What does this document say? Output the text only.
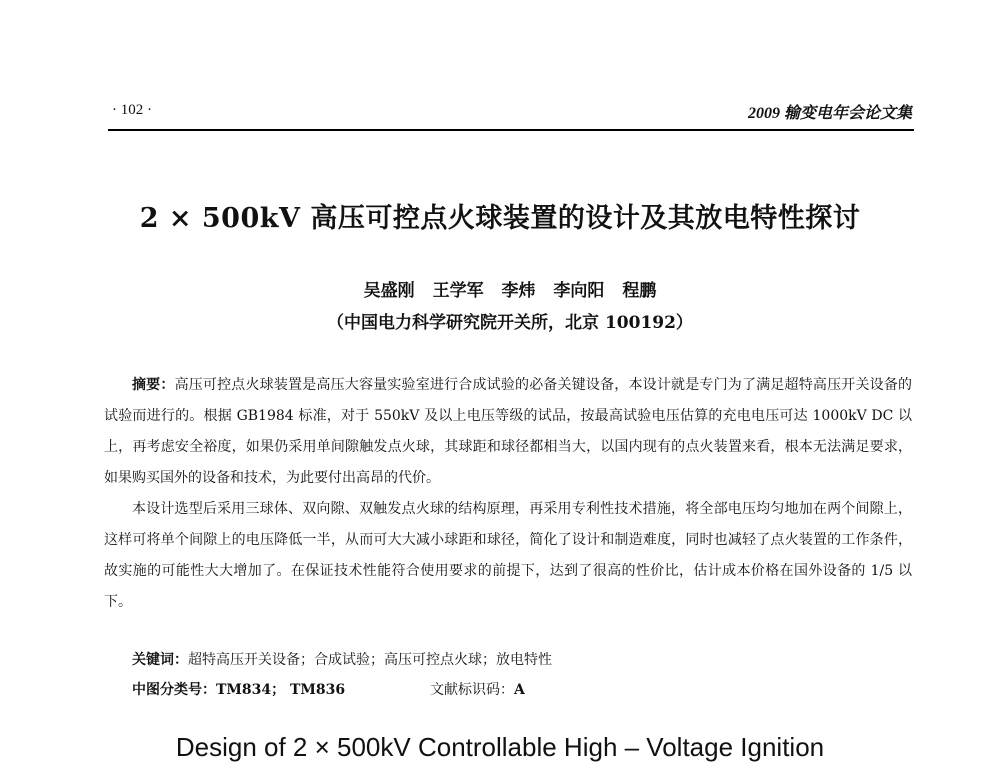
· 102 ·	2009 输变电年会论文集
2 × 500kV 高压可控点火球装置的设计及其放电特性探讨
吴盛刚 王学军 李炜 李向阳 程鹏
（中国电力科学研究院开关所，北京 100192）

摘要：高压可控点火球装置是高压大容量实验室进行合成试验的必备关键设备，本设计就是专门为了满足超特高压开关设备的试验而进行的。根据 GB1984 标准，对于 550kV 及以上电压等级的试品，按最高试验电压估算的充电电压可达 1000kV DC 以上，再考虑安全裕度，如果仍采用单间隙触发点火球，其球距和球径都相当大，以国内现有的点火装置来看，根本无法满足要求，如果购买国外的设备和技术，为此要付出高昂的代价。

本设计选型后采用三球体、双向隙、双触发点火球的结构原理，再采用专利性技术措施，将全部电压均匀地加在两个间隙上，这样可将单个间隙上的电压降低一半，从而可大大减小球距和球径，简化了设计和制造难度，同时也减轻了点火装置的工作条件，故实施的可能性大大增加了。在保证技术性能符合使用要求的前提下，达到了很高的性价比，估计成本价格在国外设备的 1/5 以下。

关键词：超特高压开关设备；合成试验；高压可控点火球；放电特性
中图分类号：TM834； TM836	文献标识码：A
Design of 2 × 500kV Controllable High – Voltage Ignition
